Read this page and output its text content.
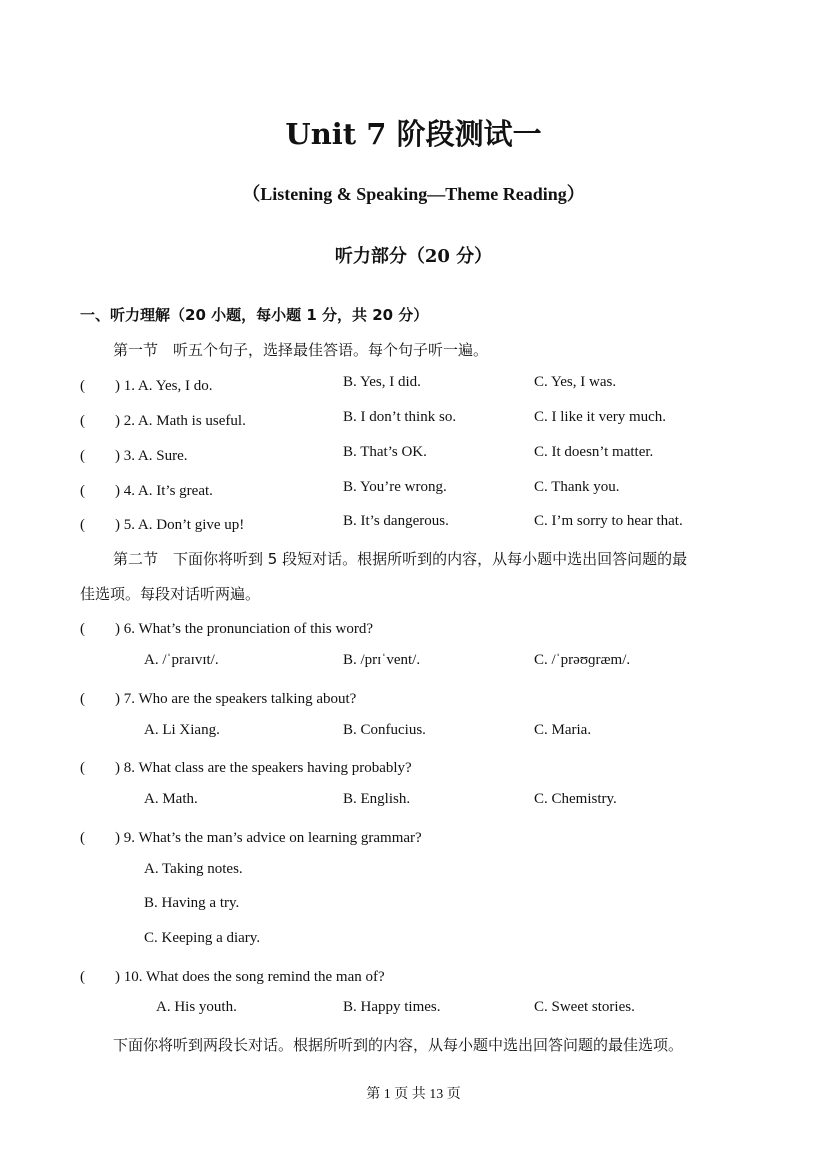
Unit 7 阶段测试一
（Listening & Speaking—Theme Reading）
听力部分（20 分）
一、听力理解（20 小题，每小题 1 分，共 20 分）
第一节　听五个句子，选择最佳答语。每个句子听一遍。
(　　) 1. A. Yes, I do.	B. Yes, I did.	C. Yes, I was.
(　　) 2. A. Math is useful.	B. I don’t think so.	C. I like it very much.
(　　) 3. A. Sure.	B. That’s OK.	C. It doesn’t matter.
(　　) 4. A. It’s great.	B. You’re wrong.	C. Thank you.
(　　) 5. A. Don’t give up!	B. It’s dangerous.	C. I’m sorry to hear that.
第二节　下面你将听到 5 段短对话。根据所听到的内容，从每小题中选出回答问题的最
佳选项。每段对话听两遍。
(　　) 6. What’s the pronunciation of this word?
A. /ˈpraɪvɪt/.	B. /prɪˈvent/.	C. /ˈprəʊɡræm/.
(　　) 7. Who are the speakers talking about?
A. Li Xiang.	B. Confucius.	C. Maria.
(　　) 8. What class are the speakers having probably?
A. Math.	B. English.	C. Chemistry.
(　　) 9. What’s the man’s advice on learning grammar?
A. Taking notes.
B. Having a try.
C. Keeping a diary.
(　　) 10. What does the song remind the man of?
A. His youth.	B. Happy times.	C. Sweet stories.
下面你将听到两段长对话。根据所听到的内容，从每小题中选出回答问题的最佳选项。
第 1 页 共 13 页
